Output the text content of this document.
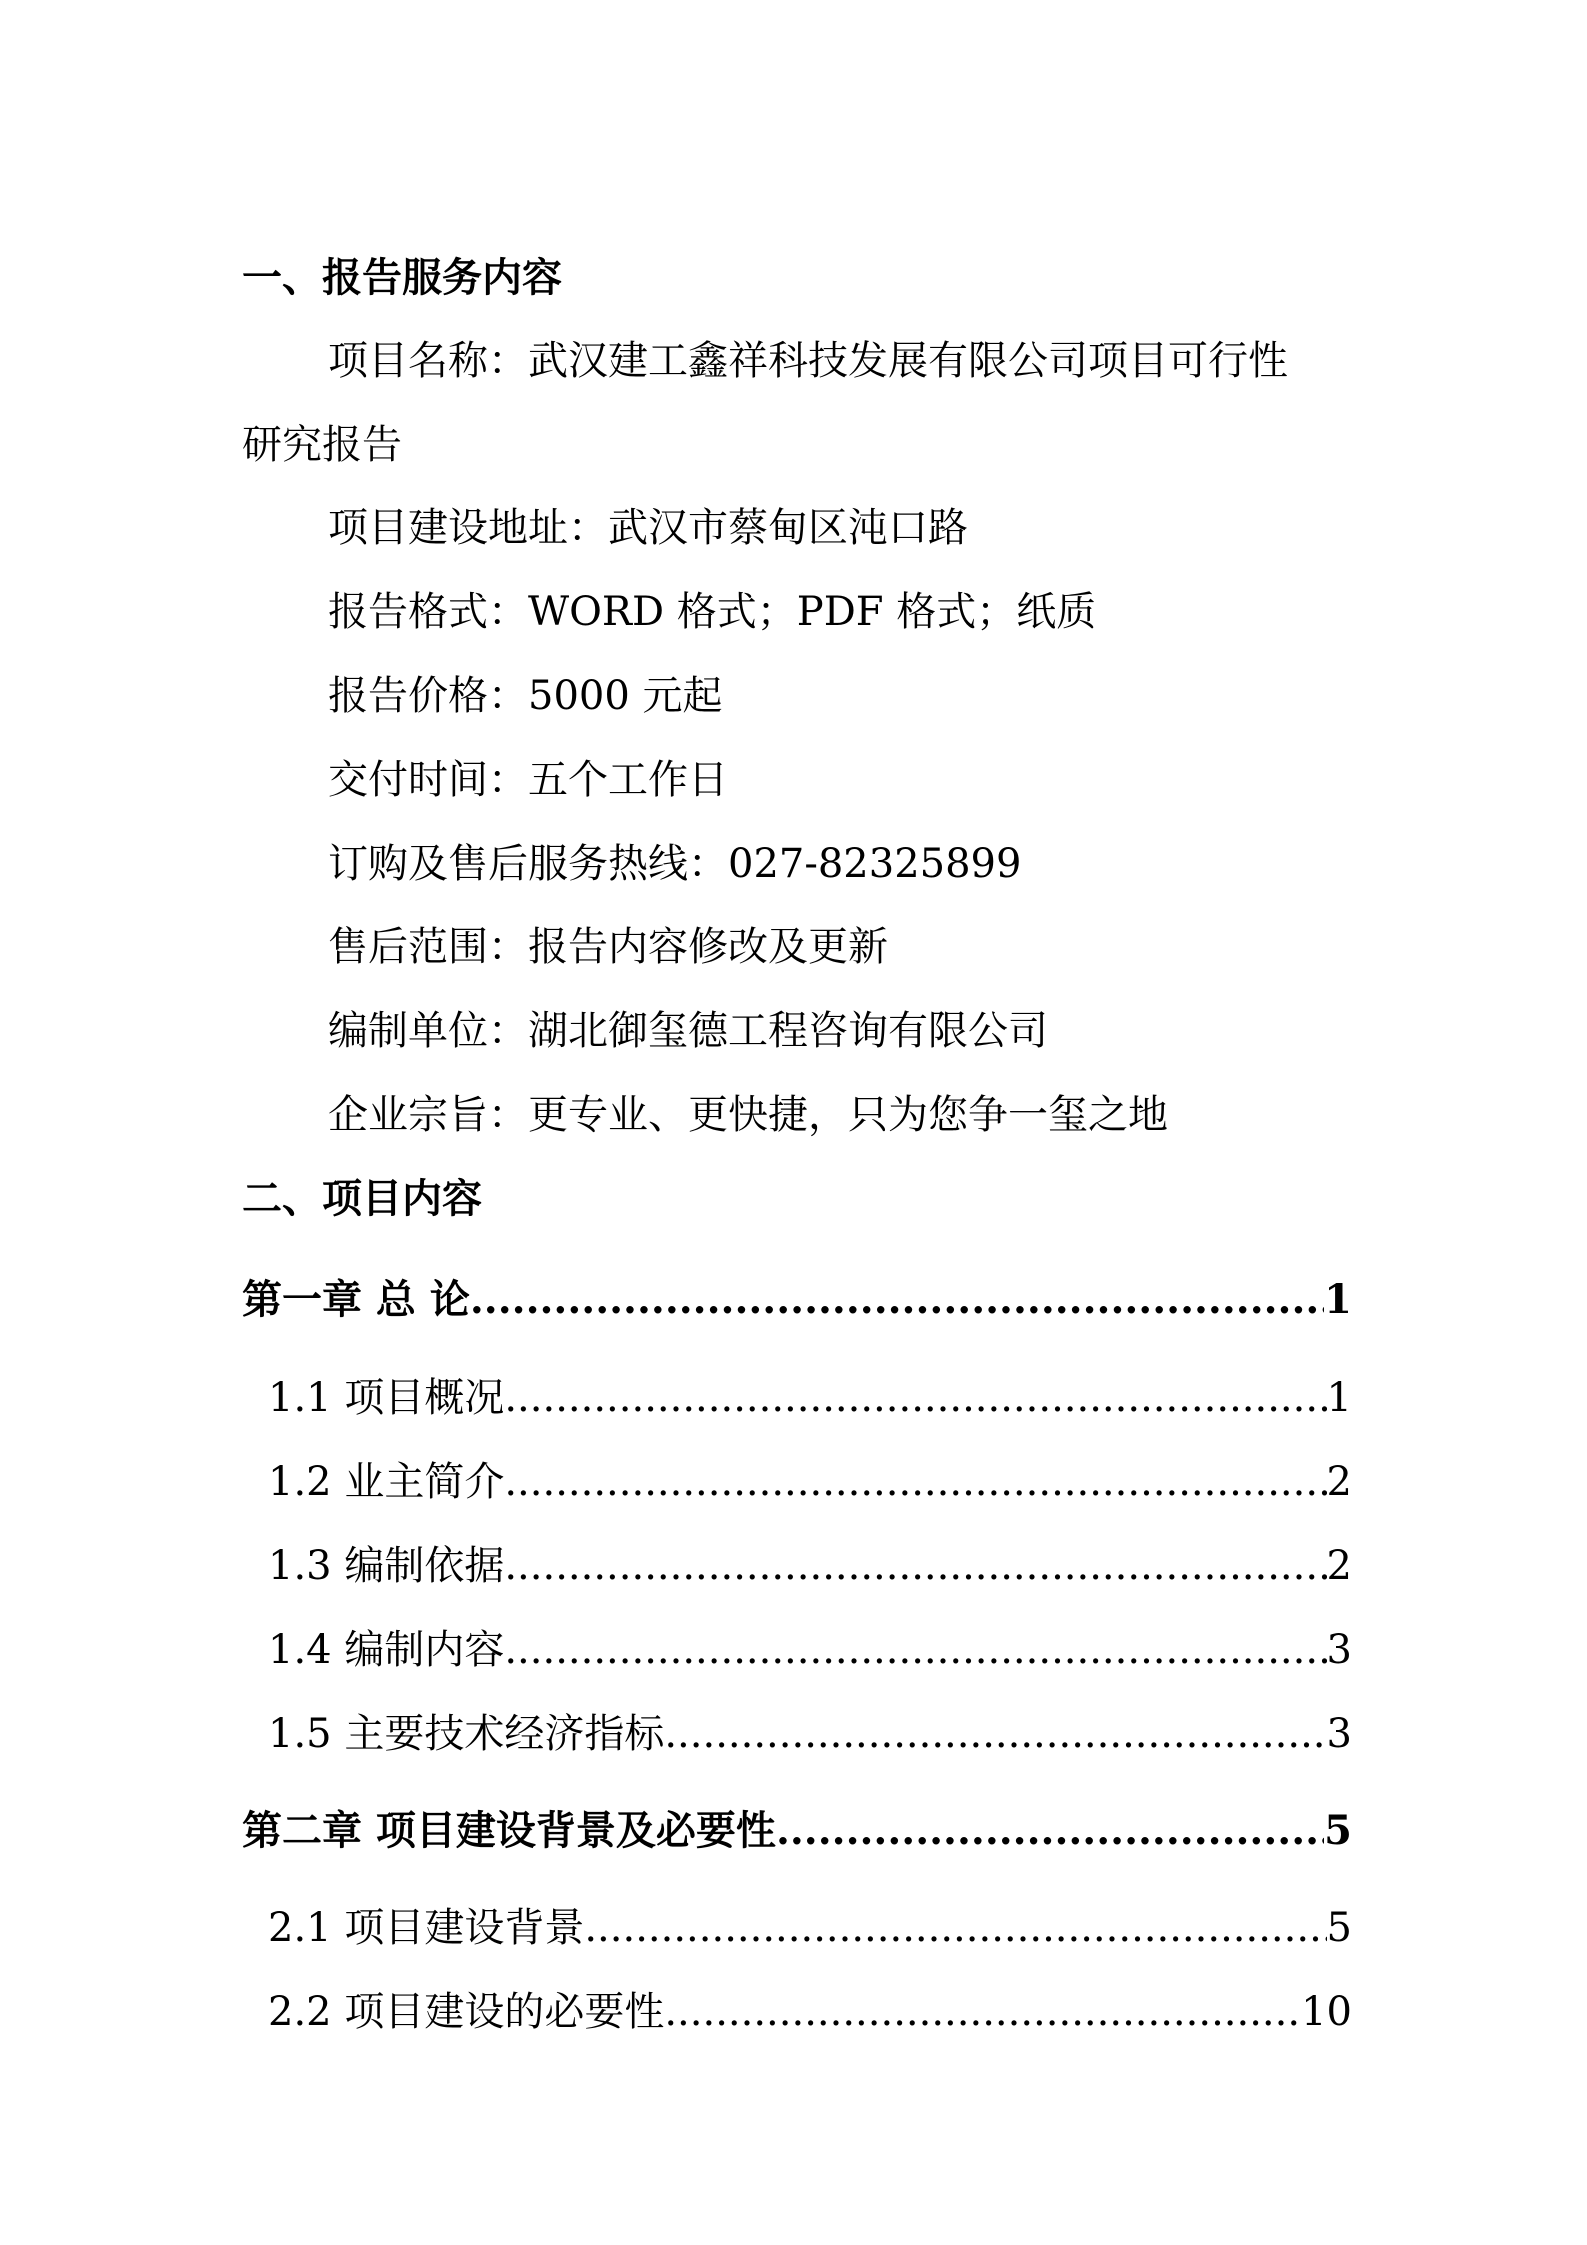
一、报告服务内容
项目名称：武汉建工鑫祥科技发展有限公司项目可行性
研究报告
项目建设地址：武汉市蔡甸区沌口路
报告格式：WORD 格式；PDF 格式；纸质
报告价格：5000 元起
交付时间：五个工作日
订购及售后服务热线：027-82325899
售后范围：报告内容修改及更新
编制单位：湖北御玺德工程咨询有限公司
企业宗旨：更专业、更快捷，只为您争一玺之地
二、项目内容
第一章 总 论 .....	1
1.1 项目概况 .....	1
1.2 业主简介 .....	2
1.3 编制依据 .....	2
1.4 编制内容 .....	3
1.5 主要技术经济指标 .....	3
第二章 项目建设背景及必要性 .....	5
2.1 项目建设背景 .....	5
2.2 项目建设的必要性 .....	10
